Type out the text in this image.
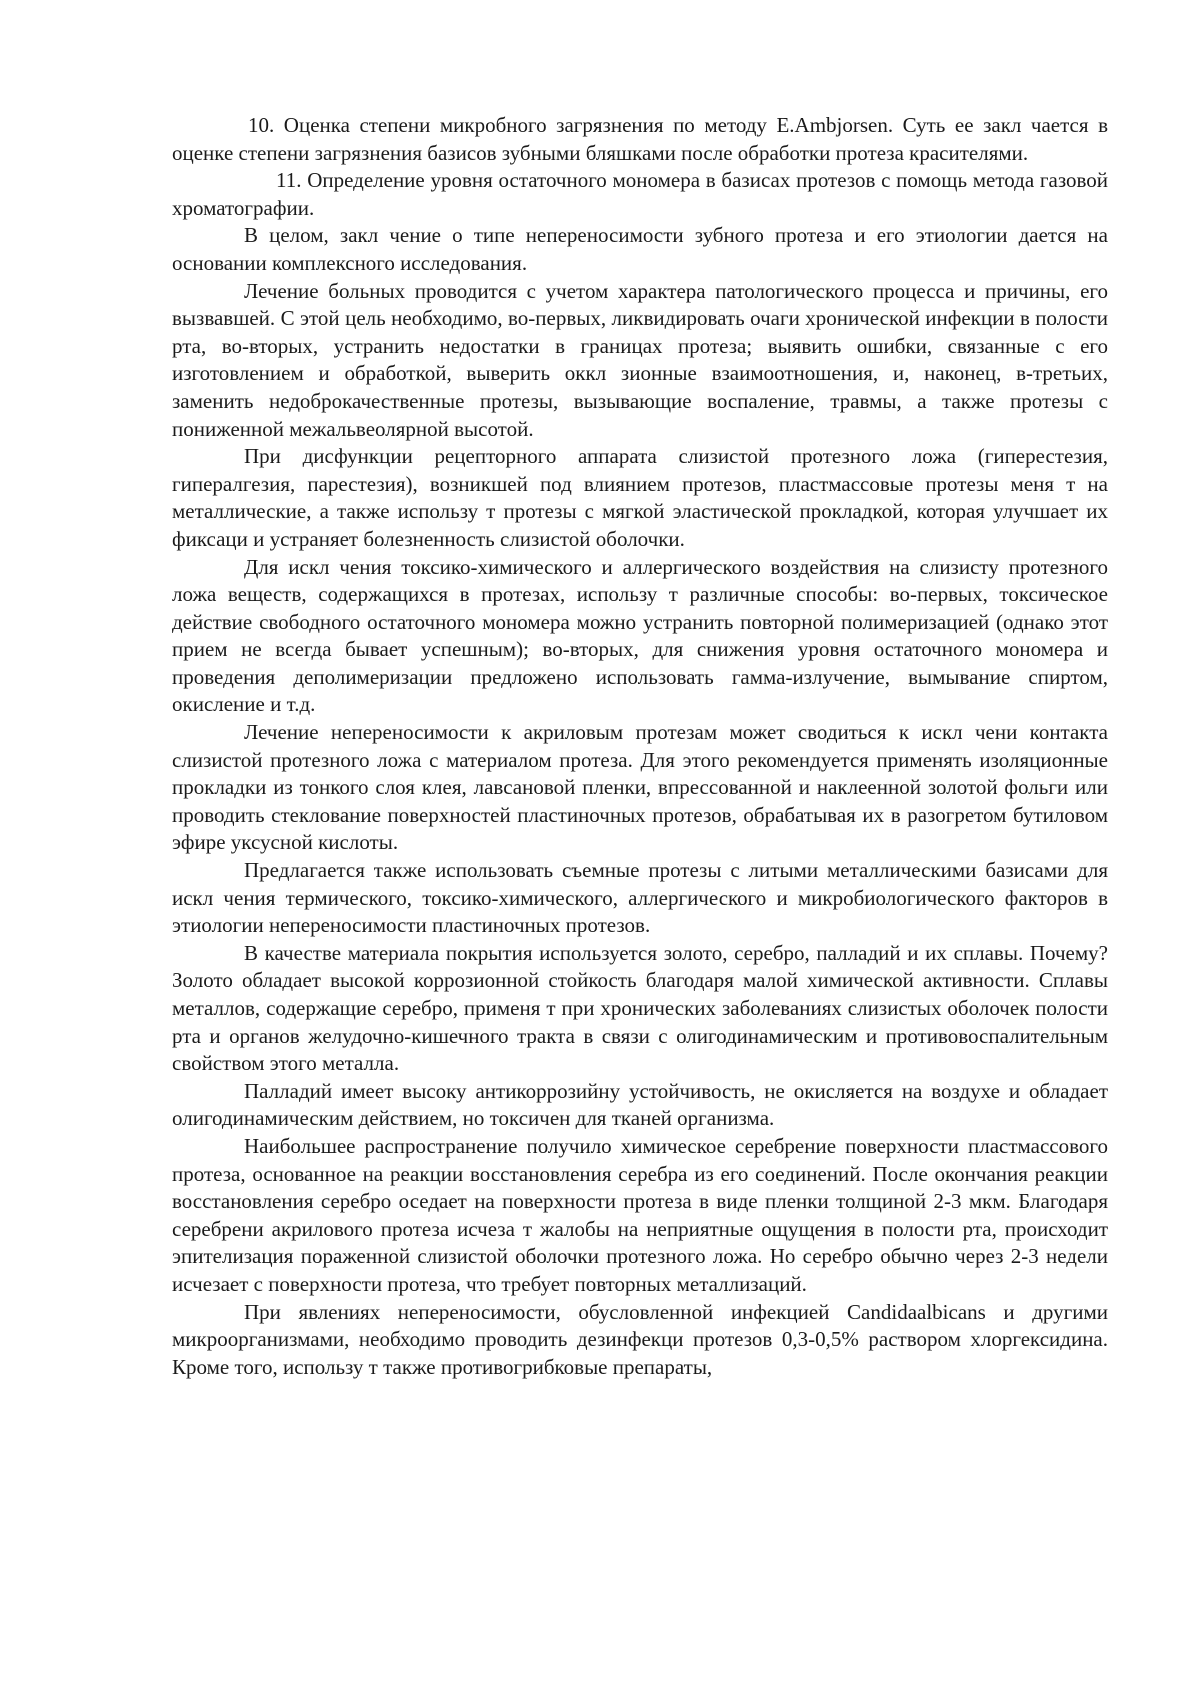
10. Оценка степени микробного загрязнения по методу E.Ambjorsen. Суть ее закл чается в оценке степени загрязнения базисов зубными бляшками после обработки протеза красителями.

11. Определение уровня остаточного мономера в базисах протезов с помощь метода газовой хроматографии.

В целом, закл чение о типе непереносимости зубного протеза и его этиологии дается на основании комплексного исследования.

Лечение больных проводится с учетом характера патологического процесса и причины, его вызвавшей. С этой цель необходимо, во-первых, ликвидировать очаги хронической инфекции в полости рта, во-вторых, устранить недостатки в границах протеза; выявить ошибки, связанные с его изготовлением и обработкой, выверить оккл зионные взаимоотношения, и, наконец, в-третьих, заменить недоброкачественные протезы, вызывающие воспаление, травмы, а также протезы с пониженной межальвеолярной высотой.

При дисфункции рецепторного аппарата слизистой протезного ложа (гиперестезия, гипералгезия, парестезия), возникшей под влиянием протезов, пластмассовые протезы меня т на металлические, а также использу т протезы с мягкой эластической прокладкой, которая улучшает их фиксаци и устраняет болезненность слизистой оболочки.

Для искл чения токсико-химического и аллергического воздействия на слизисту протезного ложа веществ, содержащихся в протезах, использу т различные способы: во-первых, токсическое действие свободного остаточного мономера можно устранить повторной полимеризацией (однако этот прием не всегда бывает успешным); во-вторых, для снижения уровня остаточного мономера и проведения деполимеризации предложено использовать гамма-излучение, вымывание спиртом, окисление и т.д.

Лечение непереносимости к акриловым протезам может сводиться к искл чени контакта слизистой протезного ложа с материалом протеза. Для этого рекомендуется применять изоляционные прокладки из тонкого слоя клея, лавсановой пленки, впрессованной и наклеенной золотой фольги или проводить стеклование поверхностей пластиночных протезов, обрабатывая их в разогретом бутиловом эфире уксусной кислоты.

Предлагается также использовать съемные протезы с литыми металлическими базисами для искл чения термического, токсико-химического, аллергического и микробиологического факторов в этиологии непереносимости пластиночных протезов.

В качестве материала покрытия используется золото, серебро, палладий и их сплавы. Почему? Золото обладает высокой коррозионной стойкость благодаря малой химической активности. Сплавы металлов, содержащие серебро, применя т при хронических заболеваниях слизистых оболочек полости рта и органов желудочно-кишечного тракта в связи с олигодинамическим и противовоспалительным свойством этого металла.

Палладий имеет высоку антикоррозийну устойчивость, не окисляется на воздухе и обладает олигодинамическим действием, но токсичен для тканей организма.

Наибольшее распространение получило химическое серебрение поверхности пластмассового протеза, основанное на реакции восстановления серебра из его соединений. После окончания реакции восстановления серебро оседает на поверхности протеза в виде пленки толщиной 2-3 мкм. Благодаря серебрени акрилового протеза исчеза т жалобы на неприятные ощущения в полости рта, происходит эпителизация пораженной слизистой оболочки протезного ложа. Но серебро обычно через 2-3 недели исчезает с поверхности протеза, что требует повторных металлизаций.

При явлениях непереносимости, обусловленной инфекцией Candidaalbicans и другими микроорганизмами, необходимо проводить дезинфекци протезов 0,3-0,5% раствором хлоргексидина. Кроме того, использу т также противогрибковые препараты,
